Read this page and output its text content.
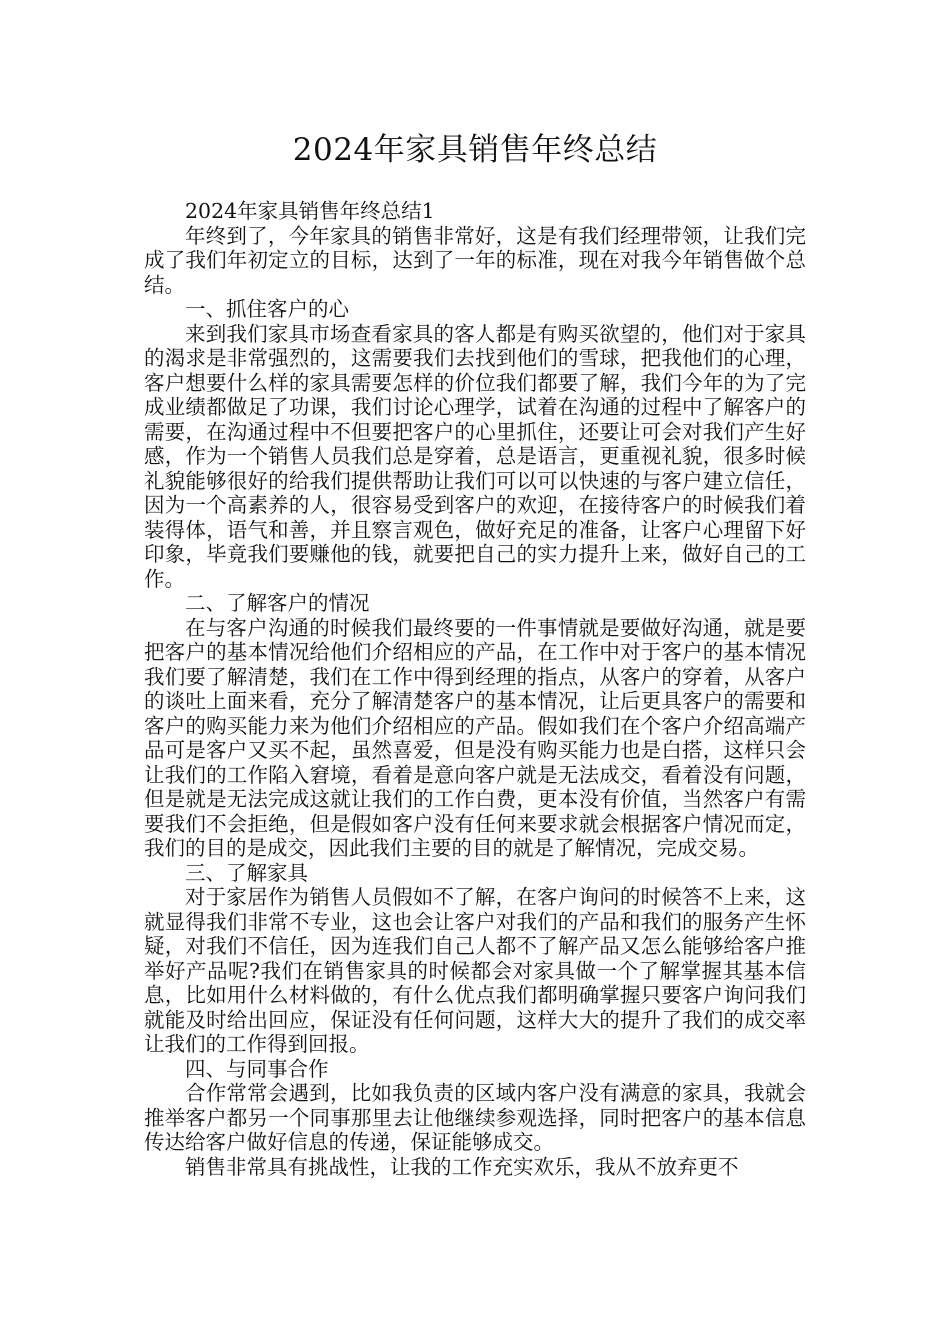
2024年家具销售年终总结

2024年家具销售年终总结1

年终到了，今年家具的销售非常好，这是有我们经理带领，让我们完成了我们年初定立的目标，达到了一年的标准，现在对我今年销售做个总结。

一、抓住客户的心

来到我们家具市场查看家具的客人都是有购买欲望的，他们对于家具的渴求是非常强烈的，这需要我们去找到他们的雪球，把我他们的心理，客户想要什么样的家具需要怎样的价位我们都要了解，我们今年的为了完成业绩都做足了功课，我们讨论心理学，试着在沟通的过程中了解客户的需要，在沟通过程中不但要把客户的心里抓住，还要让可会对我们产生好感，作为一个销售人员我们总是穿着，总是语言，更重视礼貌，很多时候礼貌能够很好的给我们提供帮助让我们可以可以快速的与客户建立信任，因为一个高素养的人，很容易受到客户的欢迎，在接待客户的时候我们着装得体，语气和善，并且察言观色，做好充足的准备，让客户心理留下好印象，毕竟我们要赚他的钱，就要把自己的实力提升上来，做好自己的工作。

二、了解客户的情况

在与客户沟通的时候我们最终要的一件事情就是要做好沟通，就是要把客户的基本情况给他们介绍相应的产品，在工作中对于客户的基本情况我们要了解清楚，我们在工作中得到经理的指点，从客户的穿着，从客户的谈吐上面来看，充分了解清楚客户的基本情况，让后更具客户的需要和客户的购买能力来为他们介绍相应的产品。假如我们在个客户介绍高端产品可是客户又买不起，虽然喜爱，但是没有购买能力也是白搭，这样只会让我们的工作陷入窘境，看着是意向客户就是无法成交，看着没有问题，但是就是无法完成这就让我们的工作白费，更本没有价值，当然客户有需要我们不会拒绝，但是假如客户没有任何来要求就会根据客户情况而定，我们的目的是成交，因此我们主要的目的就是了解情况，完成交易。

三、了解家具

对于家居作为销售人员假如不了解，在客户询问的时候答不上来，这就显得我们非常不专业，这也会让客户对我们的产品和我们的服务产生怀疑，对我们不信任，因为连我们自己人都不了解产品又怎么能够给客户推举好产品呢?我们在销售家具的时候都会对家具做一个了解掌握其基本信息，比如用什么材料做的，有什么优点我们都明确掌握只要客户询问我们就能及时给出回应，保证没有任何问题，这样大大的提升了我们的成交率让我们的工作得到回报。

四、与同事合作

合作常常会遇到，比如我负责的区域内客户没有满意的家具，我就会推举客户都另一个同事那里去让他继续参观选择，同时把客户的基本信息传达给客户做好信息的传递，保证能够成交。

销售非常具有挑战性，让我的工作充实欢乐，我从不放弃更不
